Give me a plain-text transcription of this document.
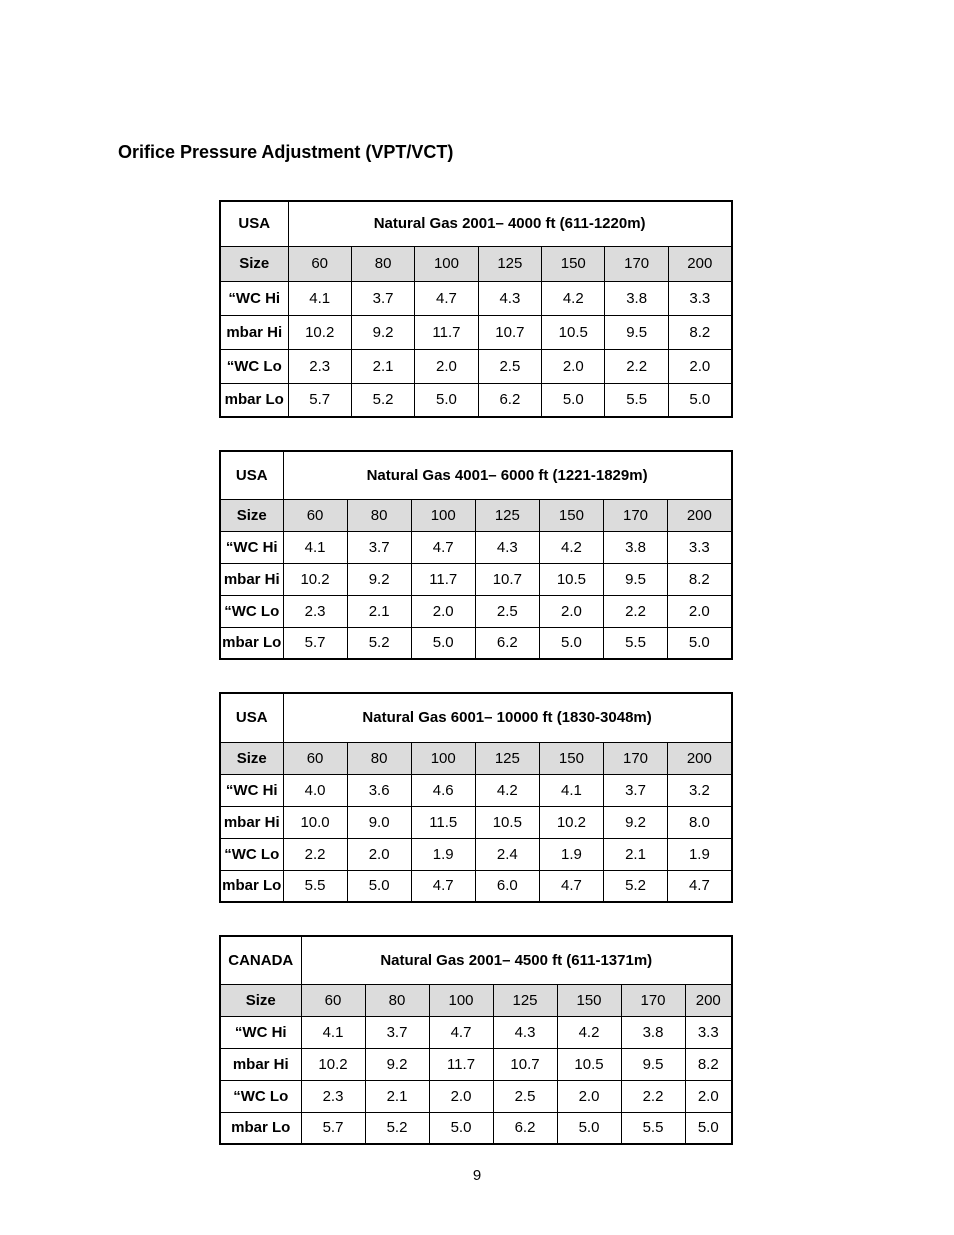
Orifice Pressure Adjustment (VPT/VCT)
USA	Natural Gas 2001– 4000 ft (611-1220m)						
Size	60	80	100	125	150	170	200
“WC Hi	4.1	3.7	4.7	4.3	4.2	3.8	3.3
mbar Hi	10.2	9.2	11.7	10.7	10.5	9.5	8.2
“WC Lo	2.3	2.1	2.0	2.5	2.0	2.2	2.0
mbar Lo	5.7	5.2	5.0	6.2	5.0	5.5	5.0
USA	Natural Gas 4001– 6000 ft (1221-1829m)						
Size	60	80	100	125	150	170	200
“WC Hi	4.1	3.7	4.7	4.3	4.2	3.8	3.3
mbar Hi	10.2	9.2	11.7	10.7	10.5	9.5	8.2
“WC Lo	2.3	2.1	2.0	2.5	2.0	2.2	2.0
mbar Lo	5.7	5.2	5.0	6.2	5.0	5.5	5.0
USA	Natural Gas 6001– 10000 ft (1830-3048m)						
Size	60	80	100	125	150	170	200
“WC Hi	4.0	3.6	4.6	4.2	4.1	3.7	3.2
mbar Hi	10.0	9.0	11.5	10.5	10.2	9.2	8.0
“WC Lo	2.2	2.0	1.9	2.4	1.9	2.1	1.9
mbar Lo	5.5	5.0	4.7	6.0	4.7	5.2	4.7
CANADA	Natural Gas 2001– 4500 ft (611-1371m)						
Size	60	80	100	125	150	170	200
“WC Hi	4.1	3.7	4.7	4.3	4.2	3.8	3.3
mbar Hi	10.2	9.2	11.7	10.7	10.5	9.5	8.2
“WC Lo	2.3	2.1	2.0	2.5	2.0	2.2	2.0
mbar Lo	5.7	5.2	5.0	6.2	5.0	5.5	5.0
9
